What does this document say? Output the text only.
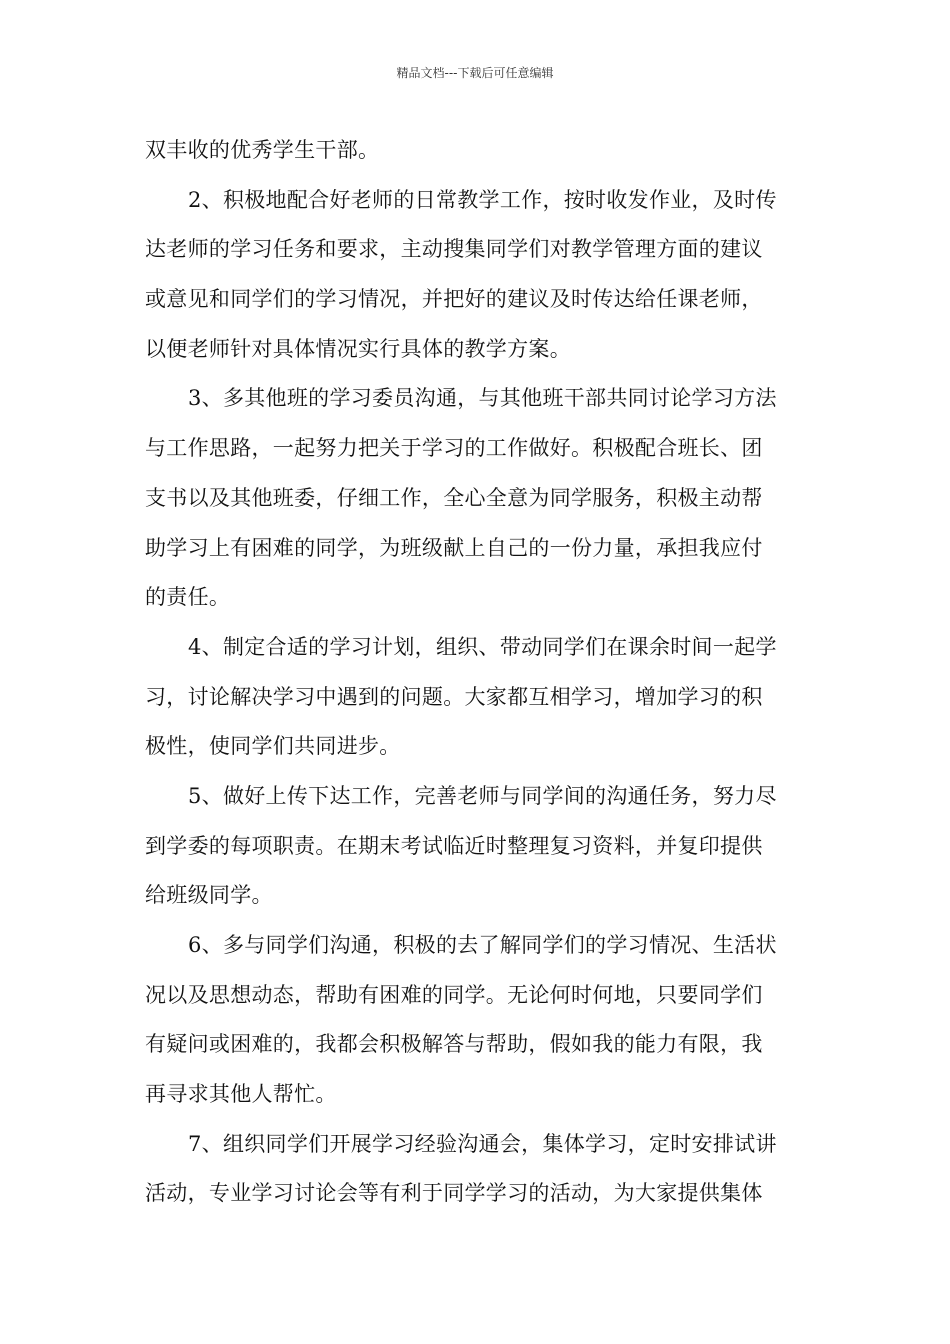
精品文档---下载后可任意编辑
双丰收的优秀学生干部。
2、积极地配合好老师的日常教学工作，按时收发作业，及时传
达老师的学习任务和要求，主动搜集同学们对教学管理方面的建议
或意见和同学们的学习情况，并把好的建议及时传达给任课老师，
以便老师针对具体情况实行具体的教学方案。
3、多其他班的学习委员沟通，与其他班干部共同讨论学习方法
与工作思路，一起努力把关于学习的工作做好。积极配合班长、团
支书以及其他班委，仔细工作，全心全意为同学服务，积极主动帮
助学习上有困难的同学，为班级献上自己的一份力量，承担我应付
的责任。
4、制定合适的学习计划，组织、带动同学们在课余时间一起学
习，讨论解决学习中遇到的问题。大家都互相学习，增加学习的积
极性，使同学们共同进步。
5、做好上传下达工作，完善老师与同学间的沟通任务，努力尽
到学委的每项职责。在期末考试临近时整理复习资料，并复印提供
给班级同学。
6、多与同学们沟通，积极的去了解同学们的学习情况、生活状
况以及思想动态，帮助有困难的同学。无论何时何地，只要同学们
有疑问或困难的，我都会积极解答与帮助，假如我的能力有限，我
再寻求其他人帮忙。
7、组织同学们开展学习经验沟通会，集体学习，定时安排试讲
活动，专业学习讨论会等有利于同学学习的活动，为大家提供集体
